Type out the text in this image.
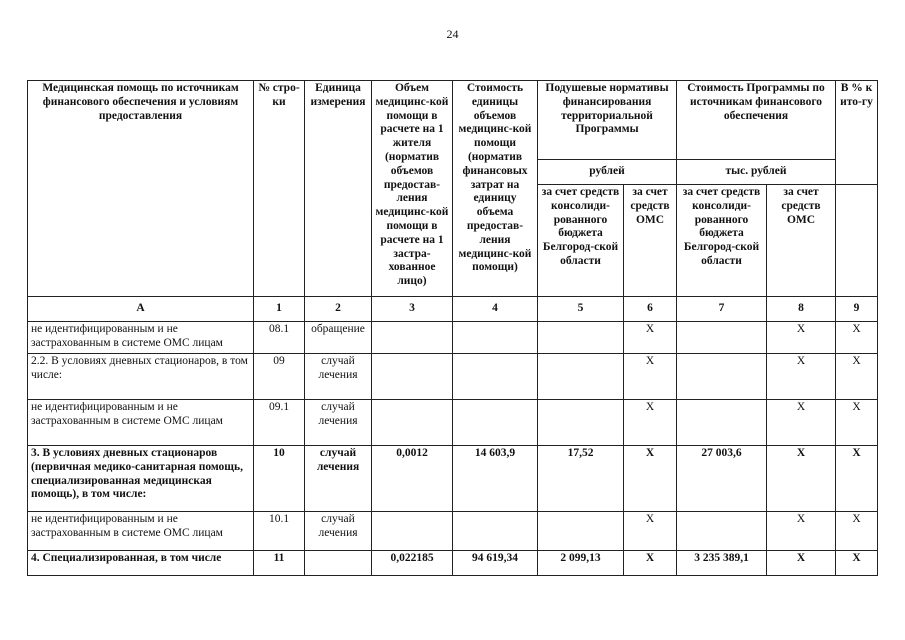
24
Медицинская помощь по источникам финансового обеспечения и условиям предоставления	№ стро-ки	Единица измерения	Объем медицинс-кой помощи в расчете на 1 жителя (норматив объемов предостав-ления медицинс-кой помощи в расчете на 1 застра-хованное лицо)	Стоимость единицы объемов медицинс-кой помощи (норматив финансовых затрат на единицу объема предостав-ления медицинс-кой помощи)	Подушевые нормативы финансирования территориальной Программы		Стоимость Программы по источникам финансового обеспечения		В % к ито-гу
					рублей		тыс. рублей		
					за счет средств консолиди-рованного бюджета Белгород-ской области	за счет средств ОМС	за счет средств консолиди-рованного бюджета Белгород-ской области	за счет средств ОМС	
А	1	2	3	4	5	6	7	8	9
не идентифицированным и не застрахованным в системе ОМС лицам	08.1	обращение				X		X	X
2.2. В условиях дневных стационаров, в том числе:	09	случай лечения				X		X	X
не идентифицированным и не застрахованным в системе ОМС лицам	09.1	случай лечения				X		X	X
3. В условиях дневных стационаров (первичная медико-санитарная помощь, специализированная медицинская помощь), в том числе:	10	случай лечения	0,0012	14 603,9	17,52	X	27 003,6	X	X
не идентифицированным и не застрахованным в системе ОМС лицам	10.1	случай лечения				X		X	X
4. Специализированная, в том числе	11		0,022185	94 619,34	2 099,13	X	3 235 389,1	X	X
